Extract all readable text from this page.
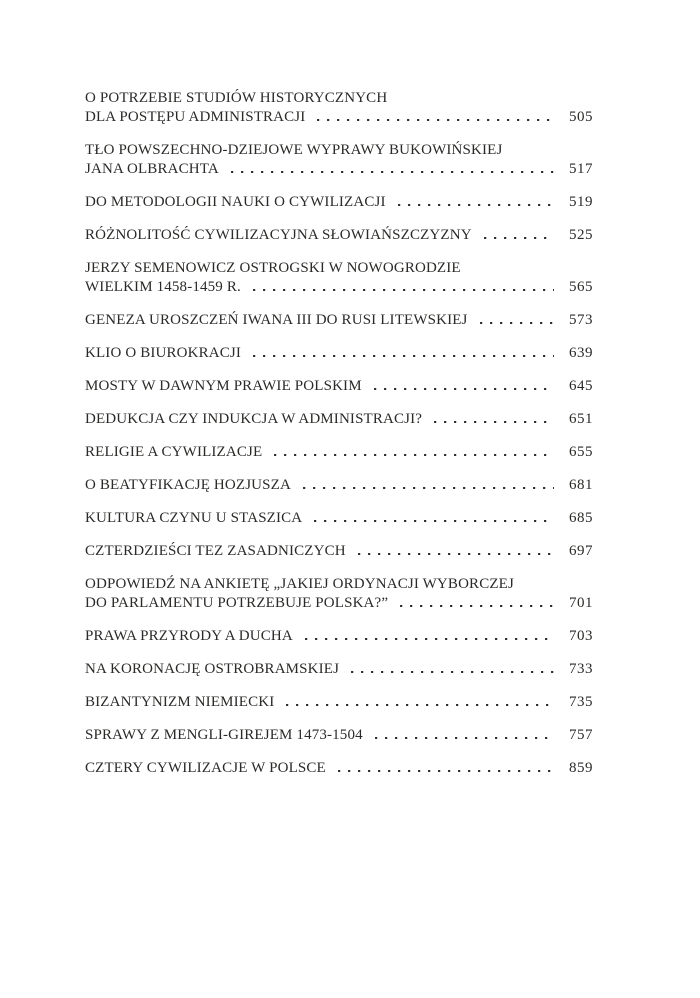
O POTRZEBIE STUDIÓW HISTORYCZNYCH
DLA POSTĘPU ADMINISTRACJI	505
TŁO POWSZECHNO-DZIEJOWE WYPRAWY BUKOWIŃSKIEJ
JANA OLBRACHTA	517
DO METODOLOGII NAUKI O CYWILIZACJI	519
RÓŻNOLITOŚĆ CYWILIZACYJNA SŁOWIAŃSZCZYZNY	525
JERZY SEMENOWICZ OSTROGSKI W NOWOGRODZIE
WIELKIM 1458-1459 R.	565
GENEZA UROSZCZEŃ IWANA III DO RUSI LITEWSKIEJ	573
KLIO O BIUROKRACJI	639
MOSTY W DAWNYM PRAWIE POLSKIM	645
DEDUKCJA CZY INDUKCJA W ADMINISTRACJI?	651
RELIGIE A CYWILIZACJE	655
O BEATYFIKACJĘ HOZJUSZA	681
KULTURA CZYNU U STASZICA	685
CZTERDZIEŚCI TEZ ZASADNICZYCH	697
ODPOWIEDŹ NA ANKIETĘ „JAKIEJ ORDYNACJI WYBORCZEJ
DO PARLAMENTU POTRZEBUJE POLSKA?”	701
PRAWA PRZYRODY A DUCHA	703
NA KORONACJĘ OSTROBRAMSKIEJ	733
BIZANTYNIZM NIEMIECKI	735
SPRAWY Z MENGLI-GIREJEM 1473-1504	757
CZTERY CYWILIZACJE W POLSCE	859
